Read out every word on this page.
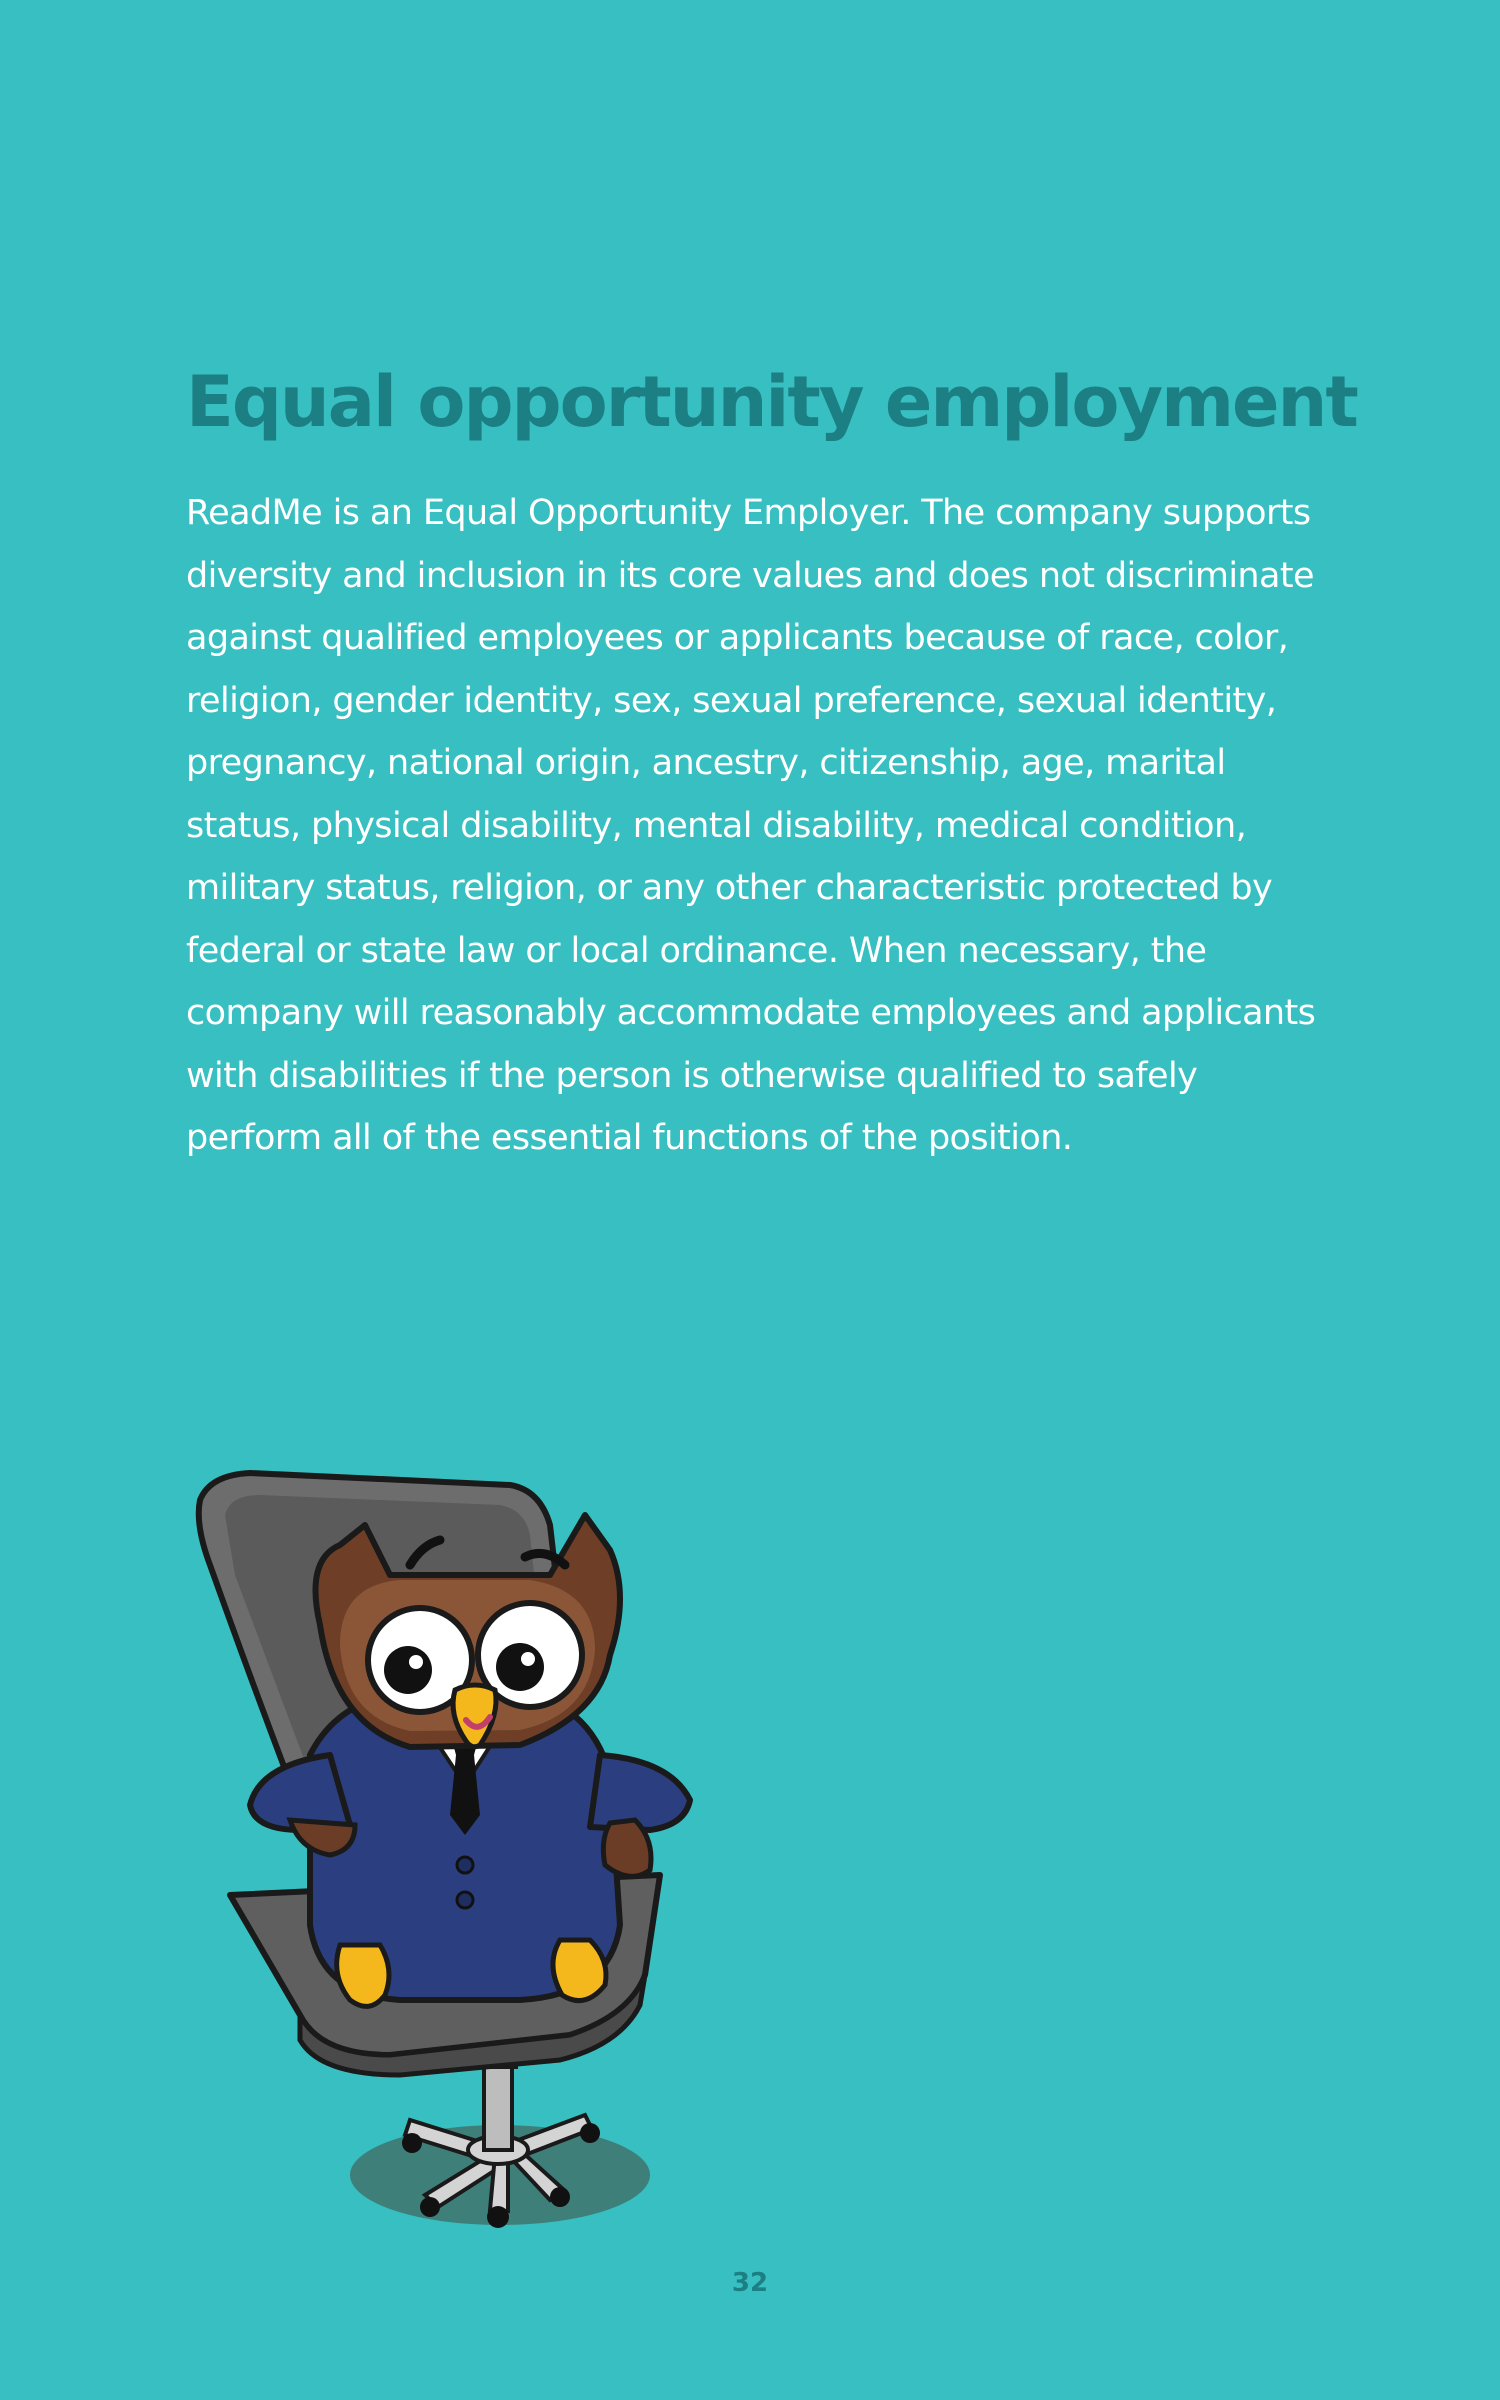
Equal opportunity employment

ReadMe is an Equal Opportunity Employer. The company supports diversity and inclusion in its core values and does not discriminate against qualified employees or applicants because of race, color, religion, gender identity, sex, sexual preference, sexual identity, pregnancy, national origin, ancestry, citizenship, age, marital status, physical disability, mental disability, medical condition, military status, religion, or any other characteristic protected by federal or state law or local ordinance. When necessary, the company will reasonably accommodate employees and applicants with disabilities if the person is otherwise qualified to safely perform all of the essential functions of the position.

32
